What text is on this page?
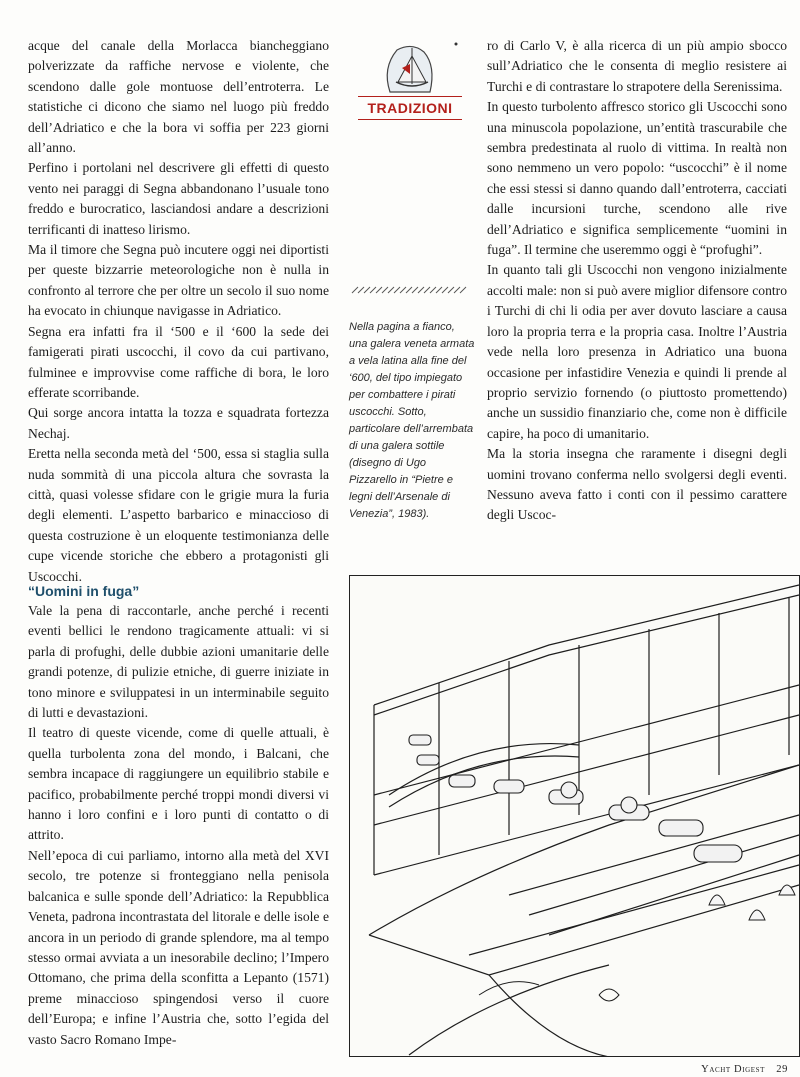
acque del canale della Morlacca biancheggiano polverizzate da raffiche nervose e violente, che scendono dalle gole montuose dell’entroterra. Le statistiche ci dicono che siamo nel luogo più freddo dell’Adriatico e che la bora vi soffia per 223 giorni all’anno.

Perfino i portolani nel descrivere gli effetti di questo vento nei paraggi di Segna abbandonano l’usuale tono freddo e burocratico, lasciandosi andare a descrizioni terrificanti di inatteso lirismo.

Ma il timore che Segna può incutere oggi nei diportisti per queste bizzarrie meteorologiche non è nulla in confronto al terrore che per oltre un secolo il suo nome ha evocato in chiunque navigasse in Adriatico.

Segna era infatti fra il ‘500 e il ‘600 la sede dei famigerati pirati uscocchi, il covo da cui partivano, fulminee e improvvise come raffiche di bora, le loro efferate scorribande.

Qui sorge ancora intatta la tozza e squadrata fortezza Nechaj.

Eretta nella seconda metà del ‘500, essa si staglia sulla nuda sommità di una piccola altura che sovrasta la città, quasi volesse sfidare con le grigie mura la furia degli elementi. L’aspetto barbarico e minaccioso di questa costruzione è un eloquente testimonianza delle cupe vicende storiche che ebbero a protagonisti gli Uscocchi.

TRADIZIONI
Nella pagina a fianco, una galera veneta armata a vela latina alla fine del ‘600, del tipo impiegato per combattere i pirati uscocchi. Sotto, particolare dell’arrembata di una galera sottile (disegno di Ugo Pizzarello in “Pietre e legni dell’Arsenale di Venezia”, 1983).

ro di Carlo V, è alla ricerca di un più ampio sbocco sull’Adriatico che le consenta di meglio resistere ai Turchi e di contrastare lo strapotere della Serenissima.

In questo turbolento affresco storico gli Uscocchi sono una minuscola popolazione, un’entità trascurabile che sembra predestinata al ruolo di vittima. In realtà non sono nemmeno un vero popolo: “uscocchi” è il nome che essi stessi si danno quando dall’entroterra, cacciati dalle incursioni turche, scendono alle rive dell’Adriatico e significa semplicemente “uomini in fuga”. Il termine che useremmo oggi è “profughi”.

In quanto tali gli Uscocchi non vengono inizialmente accolti male: non si può avere miglior difensore contro i Turchi di chi li odia per aver dovuto lasciare a causa loro la propria terra e la propria casa. Inoltre l’Austria vede nella loro presenza in Adriatico una buona occasione per infastidire Venezia e quindi li prende al proprio servizio fornendo (o piuttosto promettendo) anche un sussidio finanziario che, come non è difficile capire, ha poco di umanitario.

Ma la storia insegna che raramente i disegni degli uomini trovano conferma nello svolgersi degli eventi. Nessuno aveva fatto i conti con il pessimo carattere degli Uscoc-

“Uomini in fuga”

Vale la pena di raccontarle, anche perché i recenti eventi bellici le rendono tragicamente attuali: vi si parla di profughi, delle dubbie azioni umanitarie delle grandi potenze, di pulizie etniche, di guerre iniziate in tono minore e sviluppatesi in un interminabile seguito di lutti e devastazioni.

Il teatro di queste vicende, come di quelle attuali, è quella turbolenta zona del mondo, i Balcani, che sembra incapace di raggiungere un equilibrio stabile e pacifico, probabilmente perché troppi mondi diversi vi hanno i loro confini e i loro punti di contatto o di attrito.

Nell’epoca di cui parliamo, intorno alla metà del XVI secolo, tre potenze si fronteggiano nella penisola balcanica e sulle sponde dell’Adriatico: la Repubblica Veneta, padrona incontrastata del litorale e delle isole e ancora in un periodo di grande splendore, ma al tempo stesso ormai avviata a un inesorabile declino; l’Impero Ottomano, che prima della sconfitta a Lepanto (1571) preme minaccioso spingendosi verso il cuore dell’Europa; e infine l’Austria che, sotto l’egida del vasto Sacro Romano Impe-

Yacht Digest 29
